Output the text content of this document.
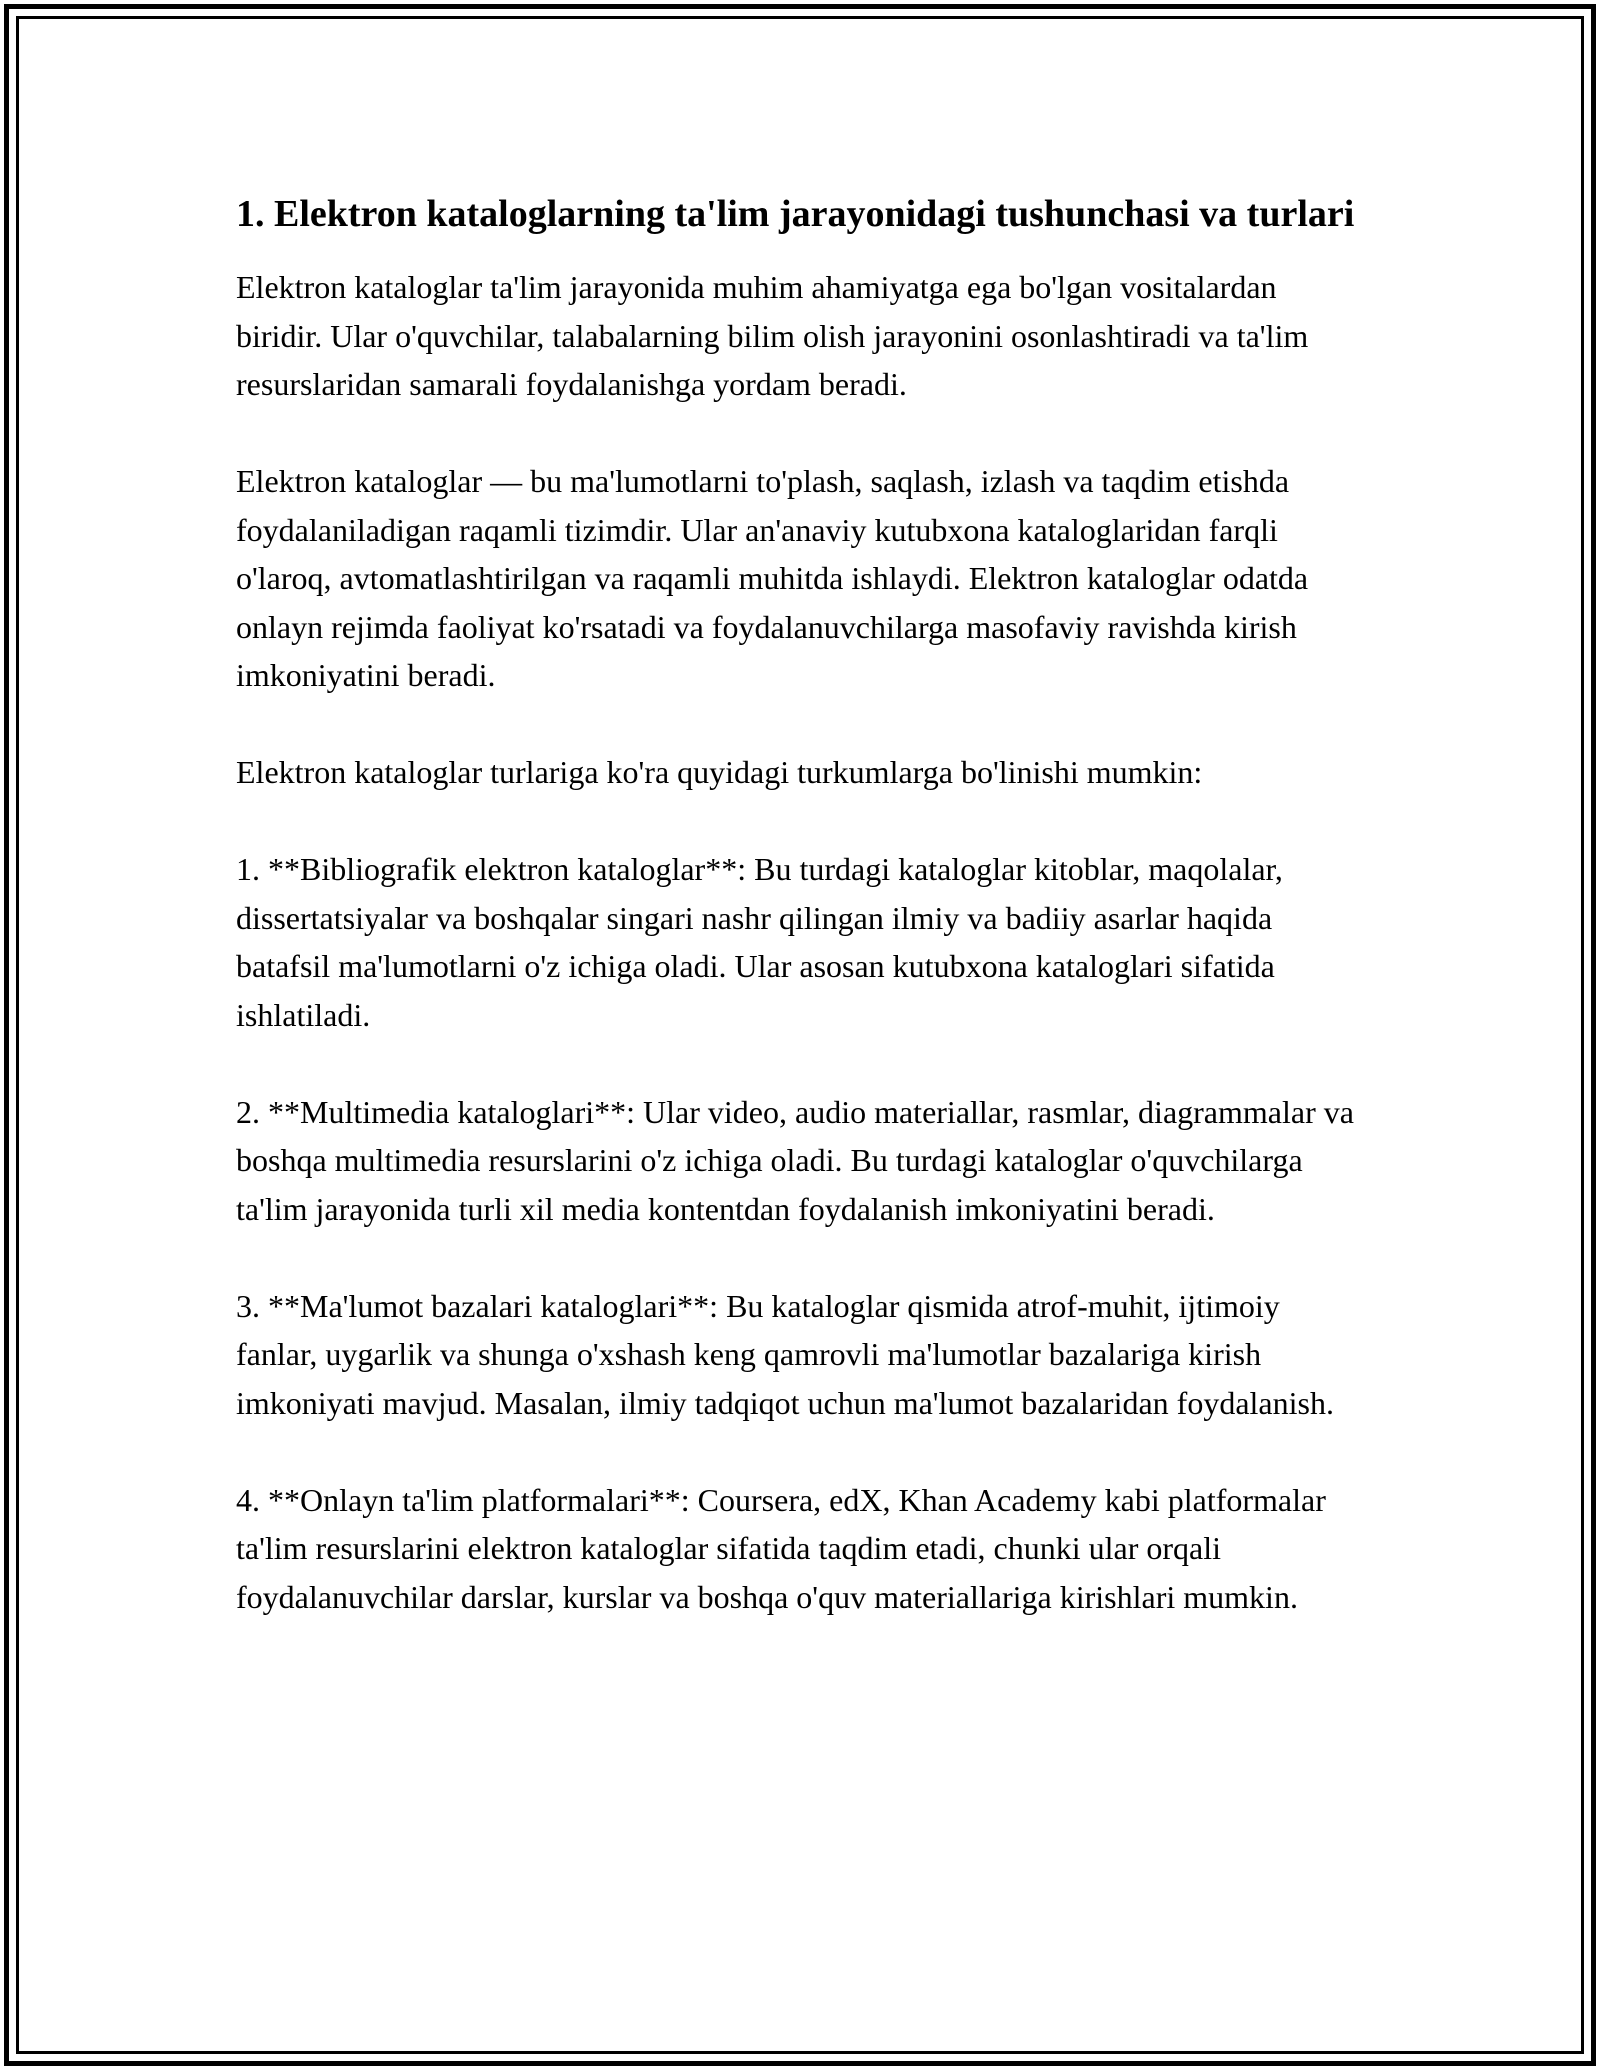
1. Elektron kataloglarning ta'lim jarayonidagi tushunchasi va turlari

Elektron kataloglar ta'lim jarayonida muhim ahamiyatga ega bo'lgan vositalardan biridir. Ular o'quvchilar, talabalarning bilim olish jarayonini osonlashtiradi va ta'lim resurslaridan samarali foydalanishga yordam beradi.

Elektron kataloglar — bu ma'lumotlarni to'plash, saqlash, izlash va taqdim etishda foydalaniladigan raqamli tizimdir. Ular an'anaviy kutubxona kataloglaridan farqli o'laroq, avtomatlashtirilgan va raqamli muhitda ishlaydi. Elektron kataloglar odatda onlayn rejimda faoliyat ko'rsatadi va foydalanuvchilarga masofaviy ravishda kirish imkoniyatini beradi.

Elektron kataloglar turlariga ko'ra quyidagi turkumlarga bo'linishi mumkin:

1. **Bibliografik elektron kataloglar**: Bu turdagi kataloglar kitoblar, maqolalar, dissertatsiyalar va boshqalar singari nashr qilingan ilmiy va badiiy asarlar haqida batafsil ma'lumotlarni o'z ichiga oladi. Ular asosan kutubxona kataloglari sifatida ishlatiladi.

2. **Multimedia kataloglari**: Ular video, audio materiallar, rasmlar, diagrammalar va boshqa multimedia resurslarini o'z ichiga oladi. Bu turdagi kataloglar o'quvchilarga ta'lim jarayonida turli xil media kontentdan foydalanish imkoniyatini beradi.

3. **Ma'lumot bazalari kataloglari**: Bu kataloglar qismida atrof-muhit, ijtimoiy fanlar, uygarlik va shunga o'xshash keng qamrovli ma'lumotlar bazalariga kirish imkoniyati mavjud. Masalan, ilmiy tadqiqot uchun ma'lumot bazalaridan foydalanish.

4. **Onlayn ta'lim platformalari**: Coursera, edX, Khan Academy kabi platformalar ta'lim resurslarini elektron kataloglar sifatida taqdim etadi, chunki ular orqali foydalanuvchilar darslar, kurslar va boshqa o'quv materiallariga kirishlari mumkin.
